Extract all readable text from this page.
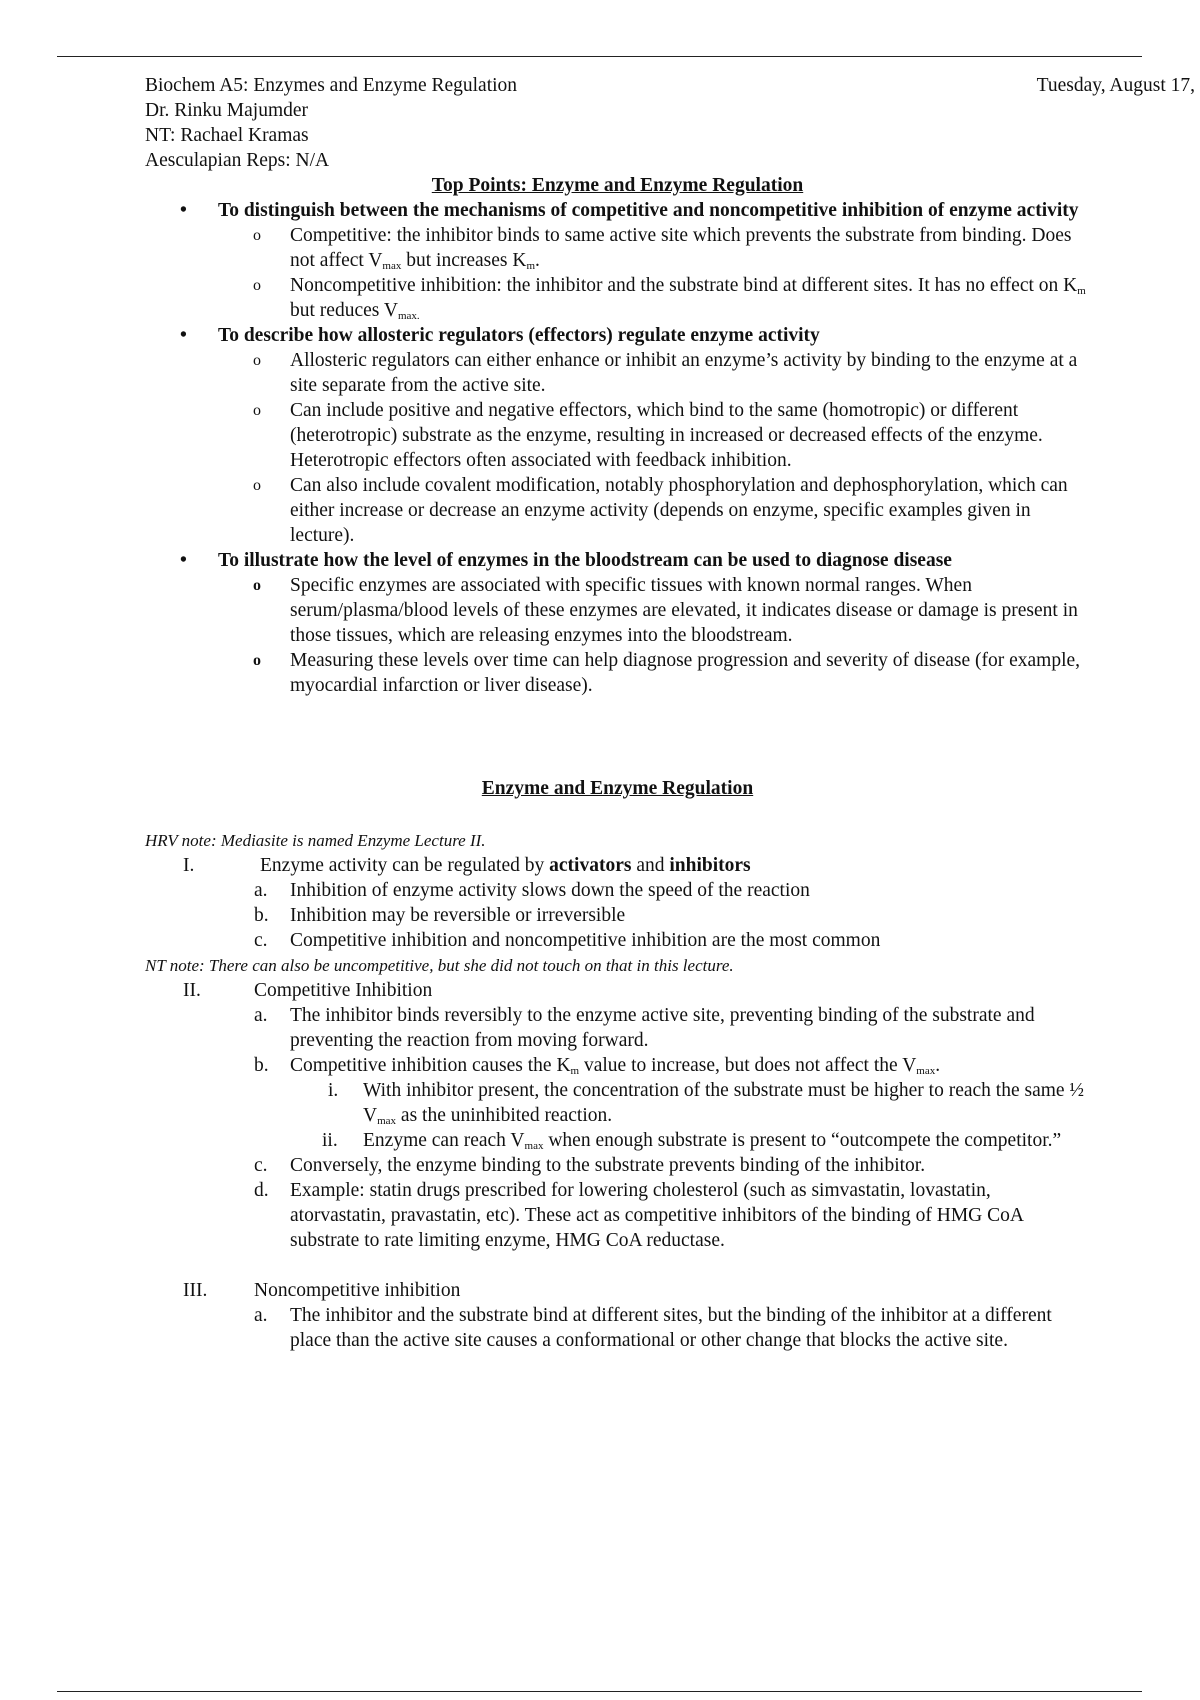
Biochem A5: Enzymes and Enzyme Regulation
Dr. Rinku Majumder
NT: Rachael Kramas
Aesculapian Reps: N/A
Tuesday, August 17,
Top Points: Enzyme and Enzyme Regulation
• To distinguish between the mechanisms of competitive and noncompetitive inhibition of enzyme activity
o Competitive: the inhibitor binds to same active site which prevents the substrate from binding. Does not affect $V_{max}$ but increases $K_m$.
o Noncompetitive inhibition: the inhibitor and the substrate bind at different sites. It has no effect on $K_m$ but reduces $V_{max.}$
• To describe how allosteric regulators (effectors) regulate enzyme activity
o Allosteric regulators can either enhance or inhibit an enzyme’s activity by binding to the enzyme at a site separate from the active site.
o Can include positive and negative effectors, which bind to the same (homotropic) or different (heterotropic) substrate as the enzyme, resulting in increased or decreased effects of the enzyme. Heterotropic effectors often associated with feedback inhibition.
o Can also include covalent modification, notably phosphorylation and dephosphorylation, which can either increase or decrease an enzyme activity (depends on enzyme, specific examples given in lecture).
• To illustrate how the level of enzymes in the bloodstream can be used to diagnose disease
o Specific enzymes are associated with specific tissues with known normal ranges. When serum/plasma/blood levels of these enzymes are elevated, it indicates disease or damage is present in those tissues, which are releasing enzymes into the bloodstream.
o Measuring these levels over time can help diagnose progression and severity of disease (for example, myocardial infarction or liver disease).
Enzyme and Enzyme Regulation
HRV note: Mediasite is named Enzyme Lecture II.
I.	Enzyme activity can be regulated by activators and inhibitors
a. Inhibition of enzyme activity slows down the speed of the reaction
b. Inhibition may be reversible or irreversible
c. Competitive inhibition and noncompetitive inhibition are the most common
NT note: There can also be uncompetitive, but she did not touch on that in this lecture.
II.	Competitive Inhibition
a. The inhibitor binds reversibly to the enzyme active site, preventing binding of the substrate and preventing the reaction from moving forward.
b. Competitive inhibition causes the $K_m$ value to increase, but does not affect the $V_{max}$.
i. With inhibitor present, the concentration of the substrate must be higher to reach the same ½ $V_{max}$ as the uninhibited reaction.
ii. Enzyme can reach $V_{max}$ when enough substrate is present to “outcompete the competitor.”
c. Conversely, the enzyme binding to the substrate prevents binding of the inhibitor.
d. Example: statin drugs prescribed for lowering cholesterol (such as simvastatin, lovastatin, atorvastatin, pravastatin, etc). These act as competitive inhibitors of the binding of HMG CoA substrate to rate limiting enzyme, HMG CoA reductase.
III. Noncompetitive inhibition
a. The inhibitor and the substrate bind at different sites, but the binding of the inhibitor at a different place than the active site causes a conformational or other change that blocks the active site.
